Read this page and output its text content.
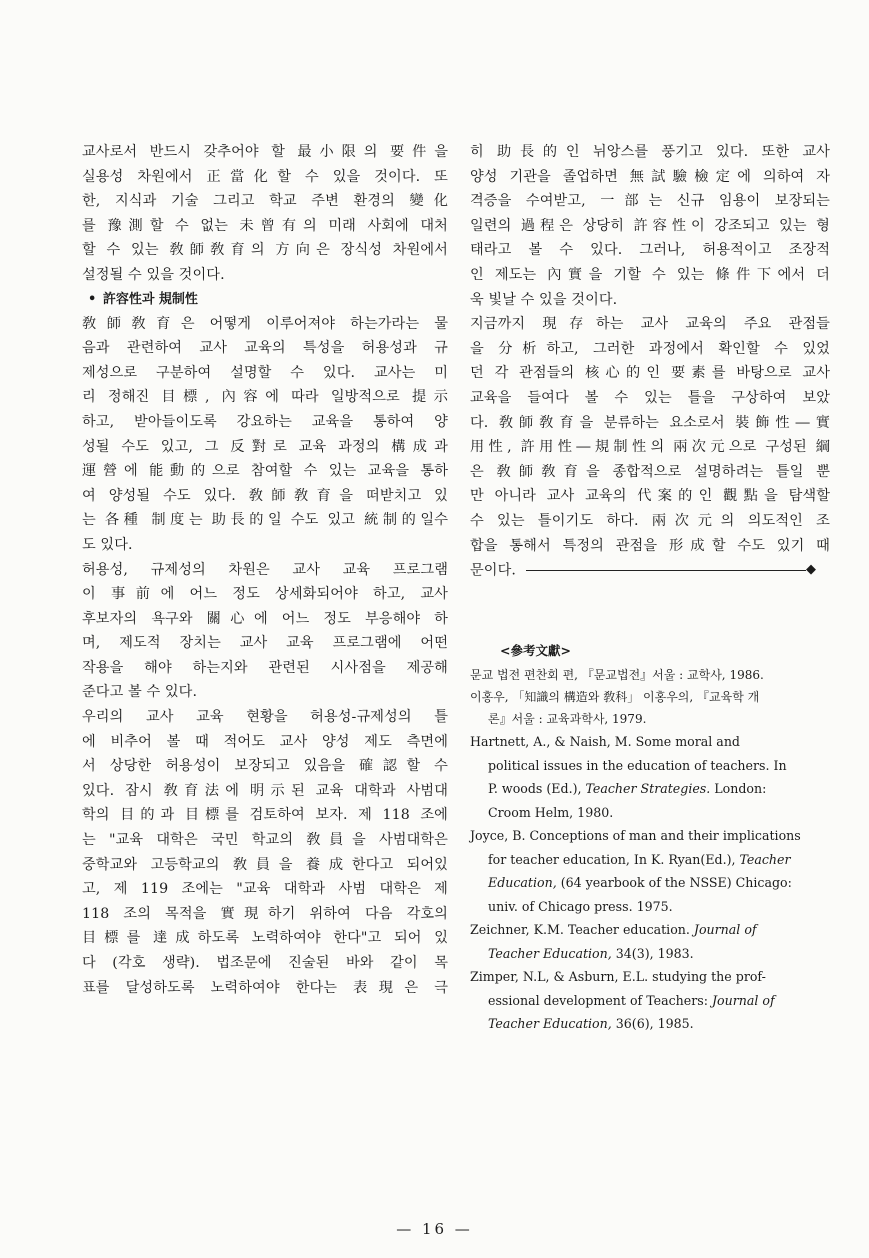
교사로서 반드시 갖추어야 할 最小限의 要件을
실용성 차원에서 正當化할 수 있을 것이다. 또
한, 지식과 기술 그리고 학교 주변 환경의 變化
를 豫測할 수 없는 未曾有의 미래 사회에 대처
할 수 있는 敎師敎育의 方向은 장식성 차원에서
설정될 수 있을 것이다.
• 許容性과 規制性
敎師敎育은 어떻게 이루어져야 하는가라는 물
음과 관련하여 교사 교육의 특성을 허용성과 규
제성으로 구분하여 설명할 수 있다. 교사는 미
리 정해진 目標, 內容에 따라 일방적으로 提示
하고, 받아들이도록 강요하는 교육을 통하여 양
성될 수도 있고, 그 反對로 교육 과정의 構成과
運營에 能動的으로 참여할 수 있는 교육을 통하
여 양성될 수도 있다. 敎師敎育을 떠받치고 있
는 各種 制度는 助長的일 수도 있고 統制的일수
도 있다.
허용성, 규제성의 차원은 교사 교육 프로그램
이 事前에 어느 정도 상세화되어야 하고, 교사
후보자의 욕구와 關心에 어느 정도 부응해야 하
며, 제도적 장치는 교사 교육 프로그램에 어떤
작용을 해야 하는지와 관련된 시사점을 제공해
준다고 볼 수 있다.
우리의 교사 교육 현황을 허용성-규제성의 틀
에 비추어 볼 때 적어도 교사 양성 제도 측면에
서 상당한 허용성이 보장되고 있음을 確認할 수
있다. 잠시 敎育法에 明示된 교육 대학과 사범대
학의 目的과 目標를 검토하여 보자. 제 118 조에
는 "교육 대학은 국민 학교의 敎員을 사범대학은
중학교와 고등학교의 敎員을 養成한다고 되어있
고, 제 119 조에는 "교육 대학과 사범 대학은 제
118 조의 목적을 實現하기 위하여 다음 각호의
目標를 達成하도록 노력하여야 한다"고 되어 있
다 (각호 생략). 법조문에 진술된 바와 같이 목
표를 달성하도록 노력하여야 한다는 表現은 극
히 助長的인 뉘앙스를 풍기고 있다. 또한 교사
양성 기관을 졸업하면 無試驗檢定에 의하여 자
격증을 수여받고, 一部는 신규 임용이 보장되는
일련의 過程은 상당히 許容性이 강조되고 있는 형
태라고 볼 수 있다. 그러나, 허용적이고 조장적
인 제도는 內實을 기할 수 있는 條件下에서 더
욱 빛날 수 있을 것이다.
지금까지 現存하는 교사 교육의 주요 관점들
을 分析하고, 그러한 과정에서 확인할 수 있었
던 각 관점들의 核心的인 要素를 바탕으로 교사
교육을 들여다 볼 수 있는 틀을 구상하여 보았
다. 敎師敎育을 분류하는 요소로서 裝飾性―實
用性, 許用性―規制性의 兩次元으로 구성된 綱
은 敎師敎育을 종합적으로 설명하려는 틀일 뿐
만 아니라 교사 교육의 代案的인 觀點을 탐색할
수 있는 틀이기도 하다. 兩次元의 의도적인 조
합을 통해서 특정의 관점을 形成할 수도 있기 때
문이다.	◆
<參考文獻>

문교 법전 편찬회 편, 『문교법전』서울 : 교학사, 1986.

이홍우, 「知識의 構造와 敎科」 이홍우의, 『교육학 개
론』서울 : 교육과학사, 1979.

Hartnett, A., & Naish, M. Some moral and
political issues in the education of teachers. In
P. woods (Ed.), Teacher Strategies. London:
Croom Helm, 1980.

Joyce, B. Conceptions of man and their implications
for teacher education, In K. Ryan(Ed.), Teacher
Education, (64 yearbook of the NSSE) Chicago:
univ. of Chicago press. 1975.

Zeichner, K.M. Teacher education. Journal of
Teacher Education, 34(3), 1983.

Zimper, N.L, & Asburn, E.L. studying the prof-
essional development of Teachers: Journal of
Teacher Education, 36(6), 1985.

— 16 —
